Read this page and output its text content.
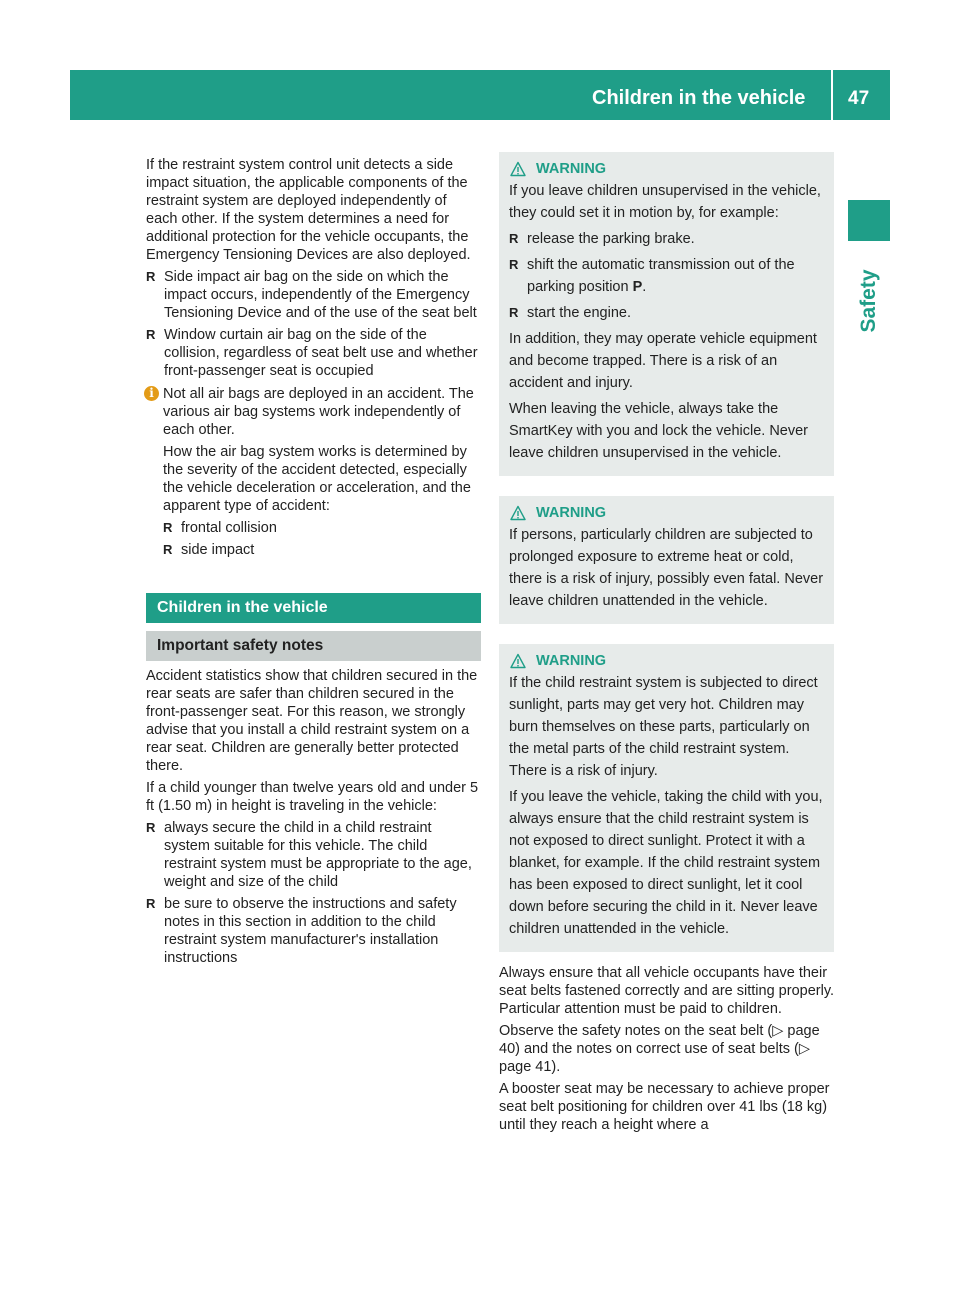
Children in the vehicle 47
Safety

If the restraint system control unit detects a side impact situation, the applicable components of the restraint system are deployed independently of each other. If the system determines a need for additional protection for the vehicle occupants, the Emergency Tensioning Devices are also deployed.

R Side impact air bag on the side on which the impact occurs, independently of the Emergency Tensioning Device and of the use of the seat belt

R Window curtain air bag on the side of the collision, regardless of seat belt use and whether front-passenger seat is occupied

i Not all air bags are deployed in an accident. The various air bag systems work independently of each other.

How the air bag system works is determined by the severity of the accident detected, especially the vehicle deceleration or acceleration, and the apparent type of accident:

R frontal collision

R side impact

Children in the vehicle
Important safety notes

Accident statistics show that children secured in the rear seats are safer than children secured in the front-passenger seat. For this reason, we strongly advise that you install a child restraint system on a rear seat. Children are generally better protected there.

If a child younger than twelve years old and under 5 ft (1.50 m) in height is traveling in the vehicle:

R always secure the child in a child restraint system suitable for this vehicle. The child restraint system must be appropriate to the age, weight and size of the child

R be sure to observe the instructions and safety notes in this section in addition to the child restraint system manufacturer's installation instructions

WARNING

If you leave children unsupervised in the vehicle, they could set it in motion by, for example:

R release the parking brake.

R shift the automatic transmission out of the parking position P.

R start the engine.

In addition, they may operate vehicle equipment and become trapped. There is a risk of an accident and injury.

When leaving the vehicle, always take the SmartKey with you and lock the vehicle. Never leave children unsupervised in the vehicle.

WARNING

If persons, particularly children are subjected to prolonged exposure to extreme heat or cold, there is a risk of injury, possibly even fatal. Never leave children unattended in the vehicle.

WARNING

If the child restraint system is subjected to direct sunlight, parts may get very hot. Children may burn themselves on these parts, particularly on the metal parts of the child restraint system. There is a risk of injury.

If you leave the vehicle, taking the child with you, always ensure that the child restraint system is not exposed to direct sunlight. Protect it with a blanket, for example. If the child restraint system has been exposed to direct sunlight, let it cool down before securing the child in it. Never leave children unattended in the vehicle.

Always ensure that all vehicle occupants have their seat belts fastened correctly and are sitting properly. Particular attention must be paid to children.

Observe the safety notes on the seat belt (▷ page 40) and the notes on correct use of seat belts (▷ page 41).

A booster seat may be necessary to achieve proper seat belt positioning for children over 41 lbs (18 kg) until they reach a height where a
